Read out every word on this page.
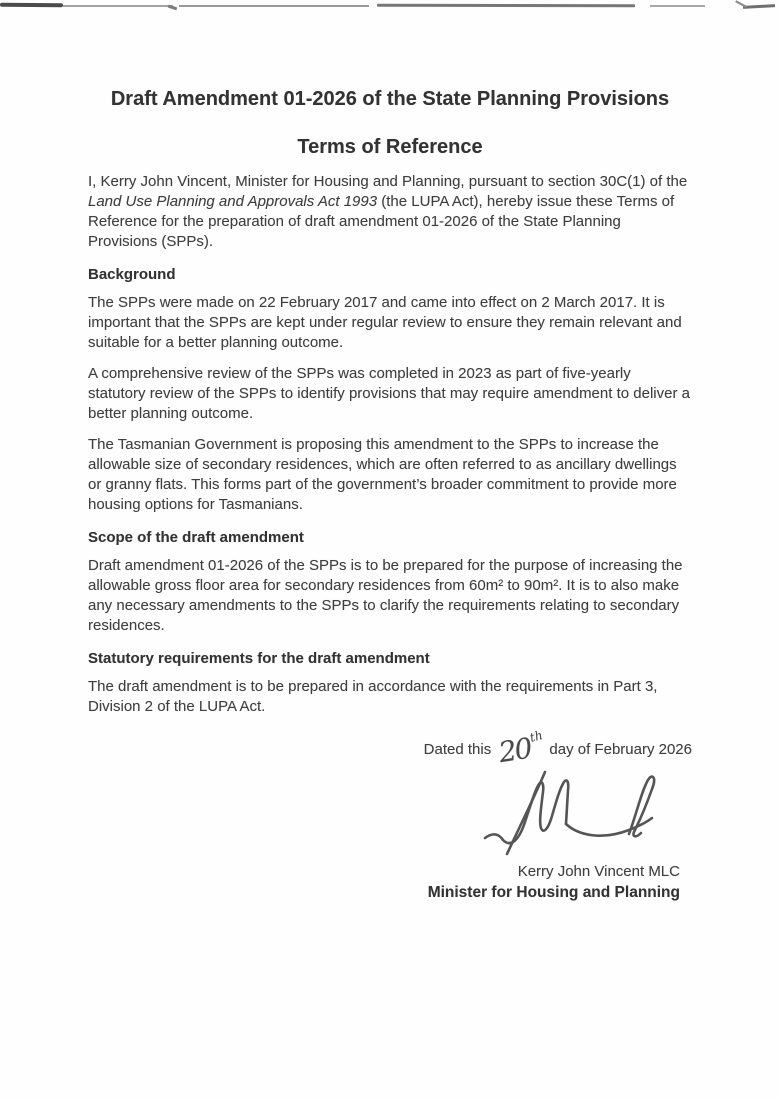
Draft Amendment 01-2026 of the State Planning Provisions
Terms of Reference

I, Kerry John Vincent, Minister for Housing and Planning, pursuant to section 30C(1) of the Land Use Planning and Approvals Act 1993 (the LUPA Act), hereby issue these Terms of Reference for the preparation of draft amendment 01-2026 of the State Planning Provisions (SPPs).

Background

The SPPs were made on 22 February 2017 and came into effect on 2 March 2017. It is important that the SPPs are kept under regular review to ensure they remain relevant and suitable for a better planning outcome.

A comprehensive review of the SPPs was completed in 2023 as part of five-yearly statutory review of the SPPs to identify provisions that may require amendment to deliver a better planning outcome.

The Tasmanian Government is proposing this amendment to the SPPs to increase the allowable size of secondary residences, which are often referred to as ancillary dwellings or granny flats. This forms part of the government’s broader commitment to provide more housing options for Tasmanians.

Scope of the draft amendment

Draft amendment 01-2026 of the SPPs is to be prepared for the purpose of increasing the allowable gross floor area for secondary residences from 60m² to 90m². It is to also make any necessary amendments to the SPPs to clarify the requirements relating to secondary residences.

Statutory requirements for the draft amendment

The draft amendment is to be prepared in accordance with the requirements in Part 3, Division 2 of the LUPA Act.

Dated this 20th
day of February 2026
Kerry John Vincent MLC
Minister for Housing and Planning
